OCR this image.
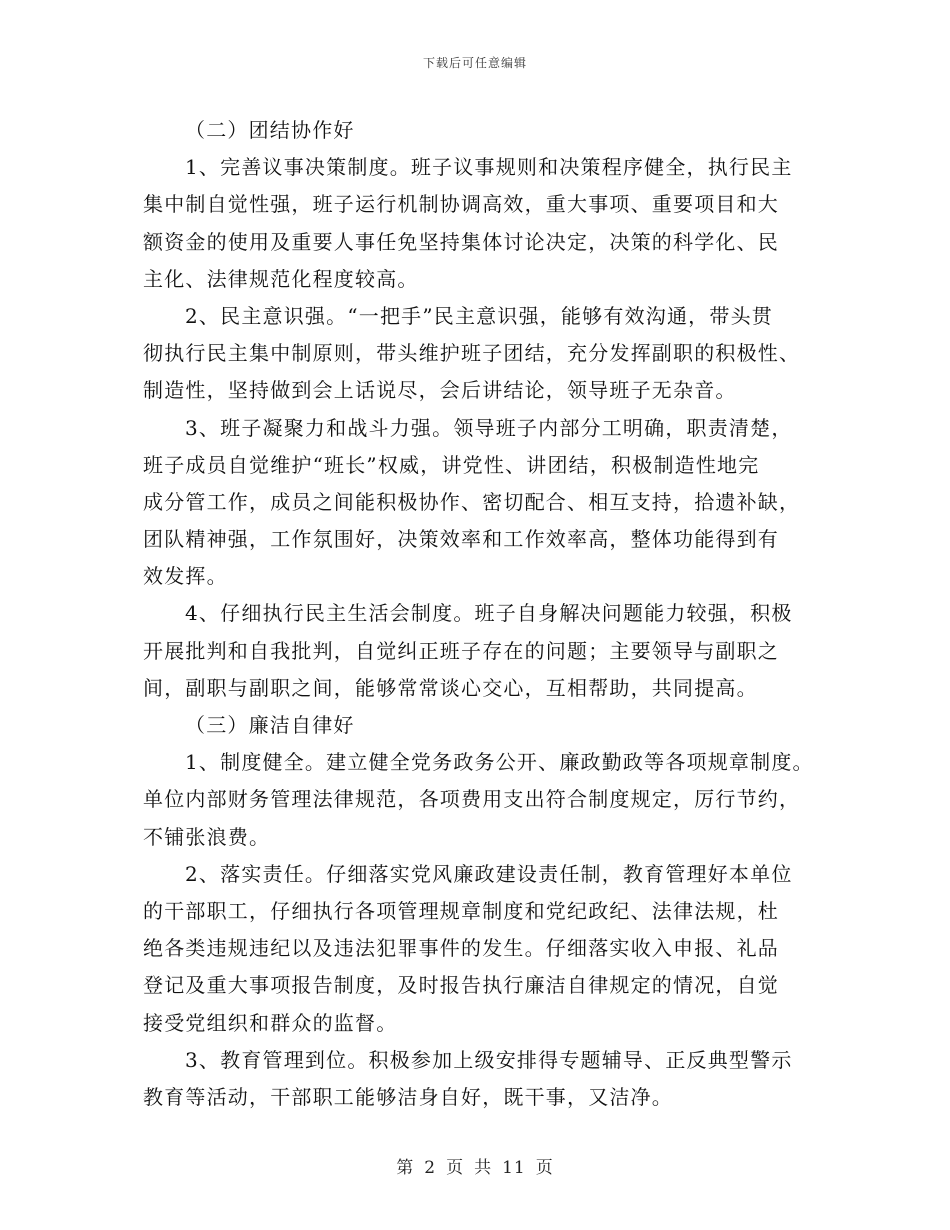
下载后可任意编辑
（二）团结协作好
1、完善议事决策制度。班子议事规则和决策程序健全，执行民主
集中制自觉性强，班子运行机制协调高效，重大事项、重要项目和大
额资金的使用及重要人事任免坚持集体讨论决定，决策的科学化、民
主化、法律规范化程度较高。
2、民主意识强。“一把手”民主意识强，能够有效沟通，带头贯
彻执行民主集中制原则，带头维护班子团结，充分发挥副职的积极性、
制造性，坚持做到会上话说尽，会后讲结论，领导班子无杂音。
3、班子凝聚力和战斗力强。领导班子内部分工明确，职责清楚，
班子成员自觉维护“班长”权威，讲党性、讲团结，积极制造性地完
成分管工作，成员之间能积极协作、密切配合、相互支持，拾遗补缺，
团队精神强，工作氛围好，决策效率和工作效率高，整体功能得到有
效发挥。
4、仔细执行民主生活会制度。班子自身解决问题能力较强，积极
开展批判和自我批判，自觉纠正班子存在的问题；主要领导与副职之
间，副职与副职之间，能够常常谈心交心，互相帮助，共同提高。
（三）廉洁自律好
1、制度健全。建立健全党务政务公开、廉政勤政等各项规章制度。
单位内部财务管理法律规范，各项费用支出符合制度规定，厉行节约，
不铺张浪费。
2、落实责任。仔细落实党风廉政建设责任制，教育管理好本单位
的干部职工，仔细执行各项管理规章制度和党纪政纪、法律法规，杜
绝各类违规违纪以及违法犯罪事件的发生。仔细落实收入申报、礼品
登记及重大事项报告制度，及时报告执行廉洁自律规定的情况，自觉
接受党组织和群众的监督。
3、教育管理到位。积极参加上级安排得专题辅导、正反典型警示
教育等活动，干部职工能够洁身自好，既干事，又洁净。
第 2 页 共 11 页
